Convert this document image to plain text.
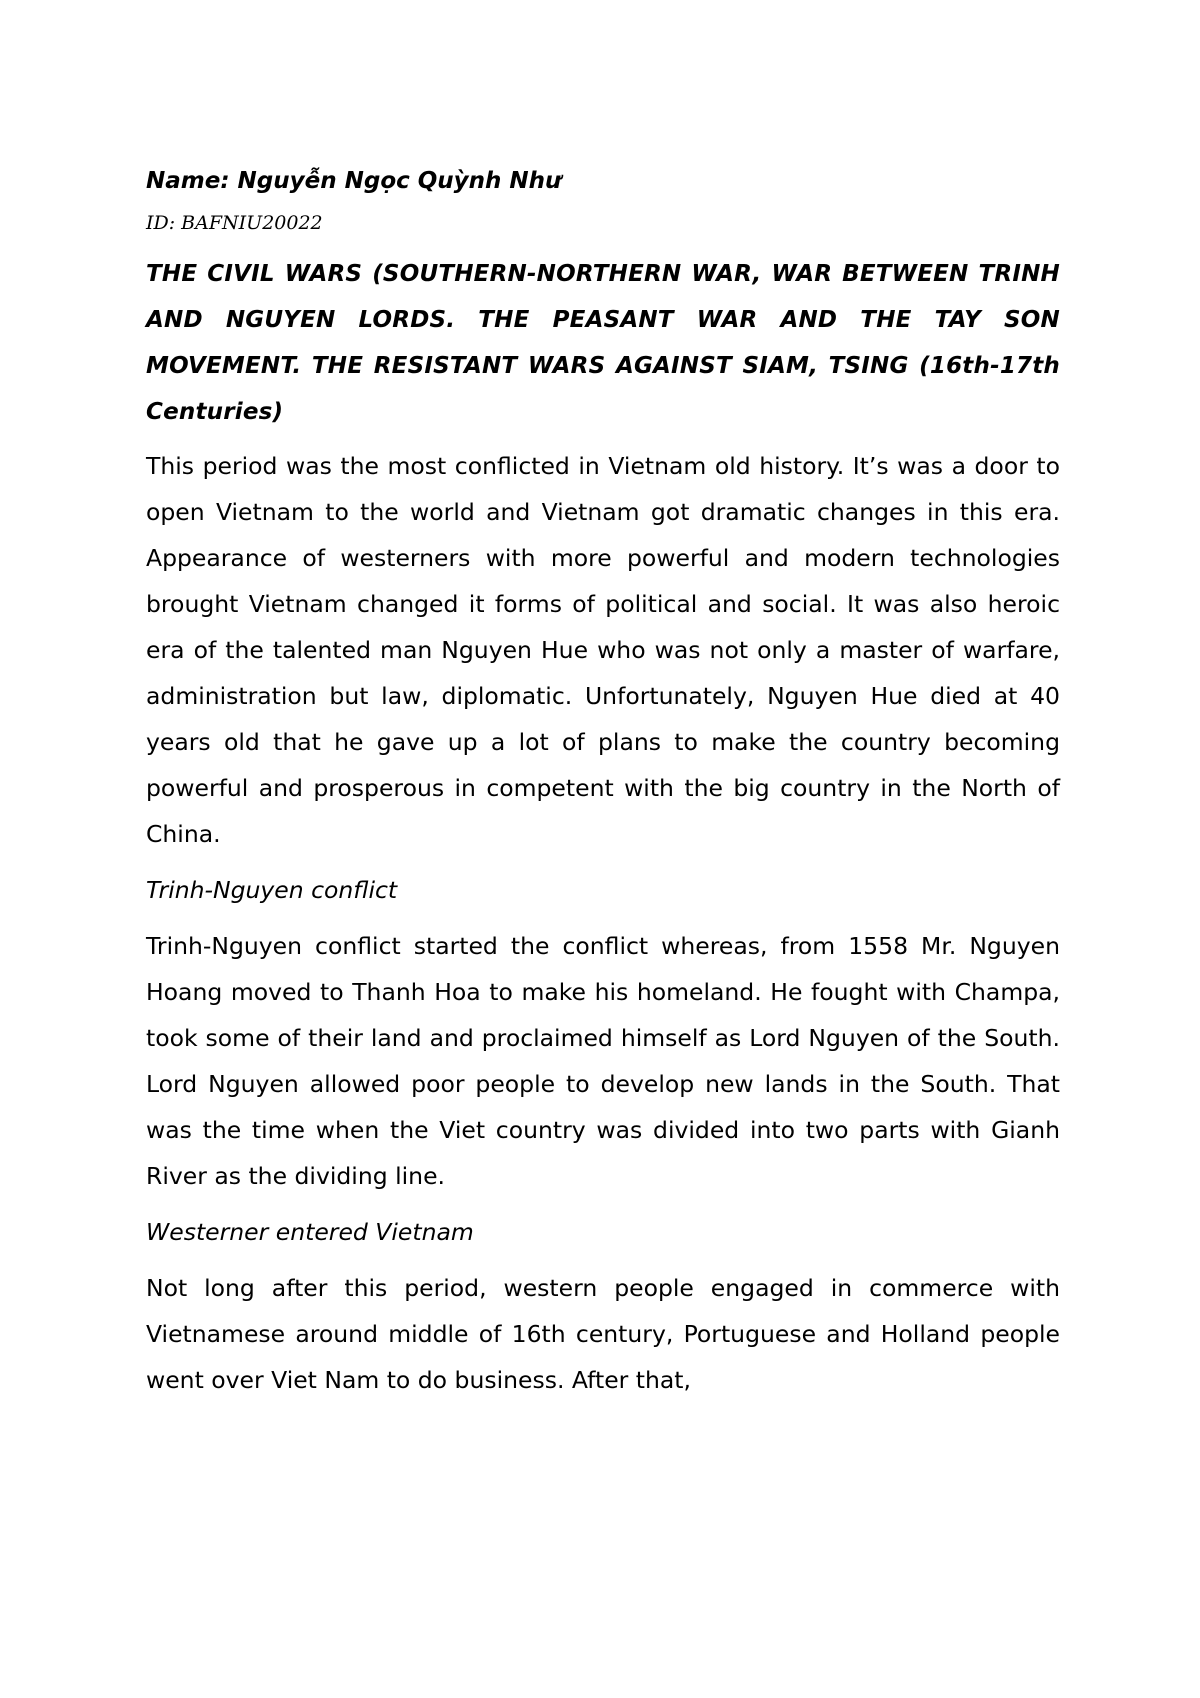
Name: Nguyễn Ngọc Quỳnh Như

ID: BAFNIU20022

THE CIVIL WARS (SOUTHERN-NORTHERN WAR, WAR BETWEEN TRINH AND NGUYEN LORDS. THE PEASANT WAR AND THE TAY SON MOVEMENT. THE RESISTANT WARS AGAINST SIAM, TSING (16th-17th Centuries)

This period was the most conflicted in Vietnam old history. It’s was a door to open Vietnam to the world and Vietnam got dramatic changes in this era. Appearance of westerners with more powerful and modern technologies brought Vietnam changed it forms of political and social. It was also heroic era of the talented man Nguyen Hue who was not only a master of warfare, administration but law, diplomatic. Unfortunately, Nguyen Hue died at 40 years old that he gave up a lot of plans to make the country becoming powerful and prosperous in competent with the big country in the North of China.

Trinh-Nguyen conflict

Trinh-Nguyen conflict started the conflict whereas, from 1558 Mr. Nguyen Hoang moved to Thanh Hoa to make his homeland. He fought with Champa, took some of their land and proclaimed himself as Lord Nguyen of the South. Lord Nguyen allowed poor people to develop new lands in the South. That was the time when the Viet country was divided into two parts with Gianh River as the dividing line.

Westerner entered Vietnam

Not long after this period, western people engaged in commerce with Vietnamese around middle of 16th century, Portuguese and Holland people went over Viet Nam to do business. After that,
